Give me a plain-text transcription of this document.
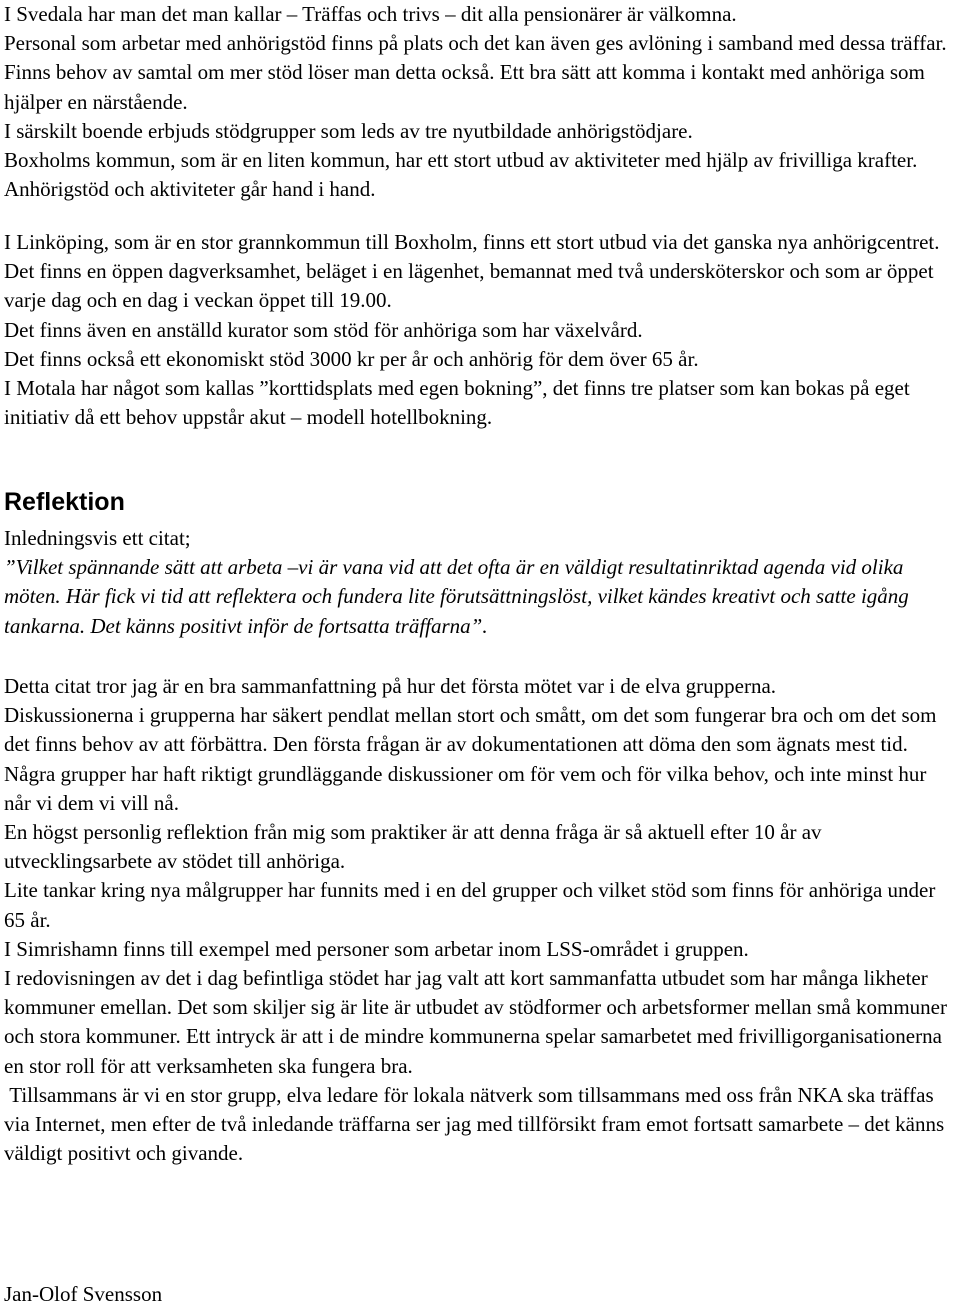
I Svedala har man det man kallar – Träffas och trivs – dit alla pensionärer är välkomna.

Personal som arbetar med anhörigstöd finns på plats och det kan även ges avlöning i samband med dessa träffar. Finns behov av samtal om mer stöd löser man detta också. Ett bra sätt att komma i kontakt med anhöriga som hjälper en närstående.

I särskilt boende erbjuds stödgrupper som leds av tre nyutbildade anhörigstödjare.

Boxholms kommun, som är en liten kommun, har ett stort utbud av aktiviteter med hjälp av frivilliga krafter. Anhörigstöd och aktiviteter går hand i hand.

I Linköping, som är en stor grannkommun till Boxholm, finns ett stort utbud via det ganska nya anhörigcentret. Det finns en öppen dagverksamhet, beläget i en lägenhet, bemannat med två undersköterskor och som ar öppet varje dag och en dag i veckan öppet till 19.00.

Det finns även en anställd kurator som stöd för anhöriga som har växelvård.

Det finns också ett ekonomiskt stöd 3000 kr per år och anhörig för dem över 65 år.

I Motala har något som kallas ”korttidsplats med egen bokning”, det finns tre platser som kan bokas på eget initiativ då ett behov uppstår akut – modell hotellbokning.

Reflektion

Inledningsvis ett citat;

”Vilket spännande sätt att arbeta –vi är vana vid att det ofta är en väldigt resultatinriktad agenda vid olika möten. Här fick vi tid att reflektera och fundera lite förutsättningslöst, vilket kändes kreativt och satte igång tankarna. Det känns positivt inför de fortsatta träffarna”.

Detta citat tror jag är en bra sammanfattning på hur det första mötet var i de elva grupperna.

Diskussionerna i grupperna har säkert pendlat mellan stort och smått, om det som fungerar bra och om det som det finns behov av att förbättra. Den första frågan är av dokumentationen att döma den som ägnats mest tid. Några grupper har haft riktigt grundläggande diskussioner om för vem och för vilka behov, och inte minst hur når vi dem vi vill nå.

En högst personlig reflektion från mig som praktiker är att denna fråga är så aktuell efter 10 år av utvecklingsarbete av stödet till anhöriga.

Lite tankar kring nya målgrupper har funnits med i en del grupper och vilket stöd som finns för anhöriga under 65 år.

I Simrishamn finns till exempel med personer som arbetar inom LSS-området i gruppen.

I redovisningen av det i dag befintliga stödet har jag valt att kort sammanfatta utbudet som har många likheter kommuner emellan. Det som skiljer sig är lite är utbudet av stödformer och arbetsformer mellan små kommuner och stora kommuner. Ett intryck är att i de mindre kommunerna spelar samarbetet med frivilligorganisationerna en stor roll för att verksamheten ska fungera bra.

Tillsammans är vi en stor grupp, elva ledare för lokala nätverk som tillsammans med oss från NKA ska träffas via Internet, men efter de två inledande träffarna ser jag med tillförsikt fram emot fortsatt samarbete – det känns väldigt positivt och givande.

Jan-Olof Svensson
